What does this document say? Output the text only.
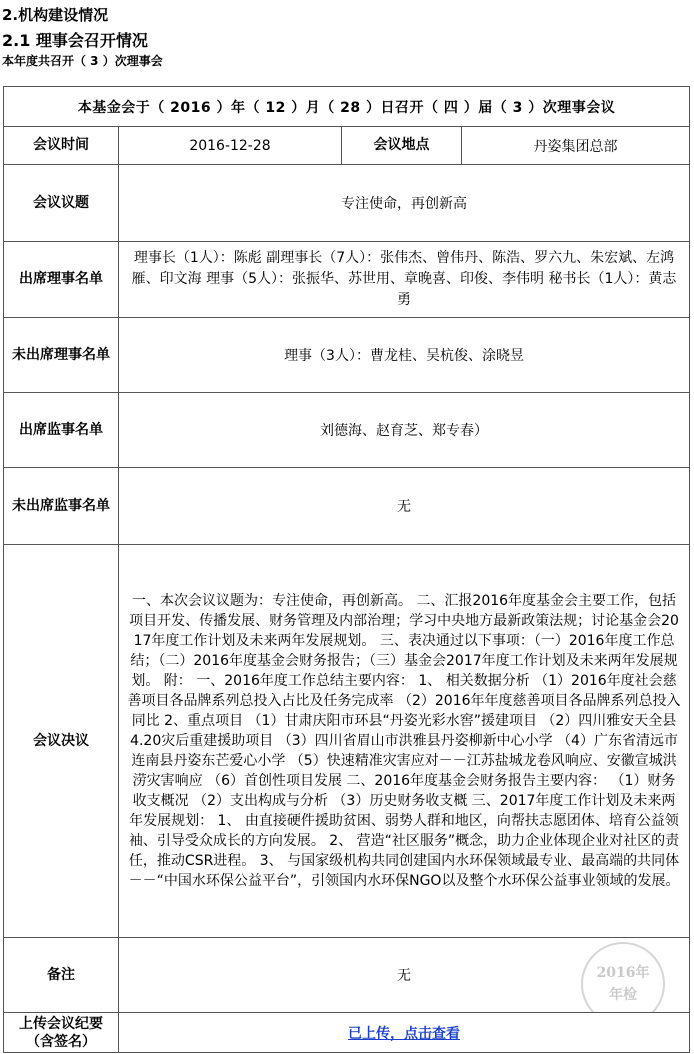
2.机构建设情况
2.1 理事会召开情况
本年度共召开（ 3 ）次理事会
本基金会于（ 2016 ）年（ 12 ）月（ 28 ）日召开（ 四 ）届（ 3 ）次理事会议			
会议时间	2016-12-28	会议地点	丹姿集团总部
会议议题	专注使命，再创新高		
出席理事名单	理事长（1人）：陈彪 副理事长（7人）：张伟杰、曾伟丹、陈浩、罗六九、朱宏斌、左鸿雁、印文海 理事（5人）：张振华、苏世用、章晚喜、印俊、李伟明 秘书长（1人）：黄志勇		
未出席理事名单	理事（3人）：曹龙桂、吴杭俊、涂晓昱		
出席监事名单	刘德海、赵育芝、郑专春）		
未出席监事名单	无		
会议决议	一、本次会议议题为：专注使命，再创新高。 二、汇报2016年度基金会主要工作，包括项目开发、传播发展、财务管理及内部治理；学习中央地方最新政策法规；讨论基金会2017年度工作计划及未来两年发展规划。 三、表决通过以下事项：（一）2016年度工作总结；（二）2016年度基金会财务报告；（三）基金会2017年度工作计划及未来两年发展规划。 附： 一、2016年度工作总结主要内容： 1、 相关数据分析 （1）2016年度社会慈善项目各品牌系列总投入占比及任务完成率 （2）2016年年度慈善项目各品牌系列总投入同比 2、重点项目 （1）甘肃庆阳市环县“丹姿光彩水窖”援建项目 （2）四川雅安天全县4.20灾后重建援助项目 （3）四川省眉山市洪雅县丹姿柳新中心小学 （4）广东省清远市连南县丹姿东芒爱心小学 （5）快速精准灾害应对－－江苏盐城龙卷风响应、安徽宣城洪涝灾害响应 （6）首创性项目发展 二、2016年度基金会财务报告主要内容： （1）财务收支概况 （2）支出构成与分析 （3）历史财务收支概 三、2017年度工作计划及未来两年发展规划： 1、 由直接硬件援助贫困、弱势人群和地区，向帮扶志愿团体、培育公益领袖、引导受众成长的方向发展。 2、 营造“社区服务”概念，助力企业体现企业对社区的责任，推动CSR进程。 3、 与国家级机构共同创建国内水环保领域最专业、最高端的共同体－－“中国水环保公益平台”，引领国内水环保NGO以及整个水环保公益事业领域的发展。		
备注	无 2016年
年检		

上传会议纪要（含签名）	已上传，点击查看		
